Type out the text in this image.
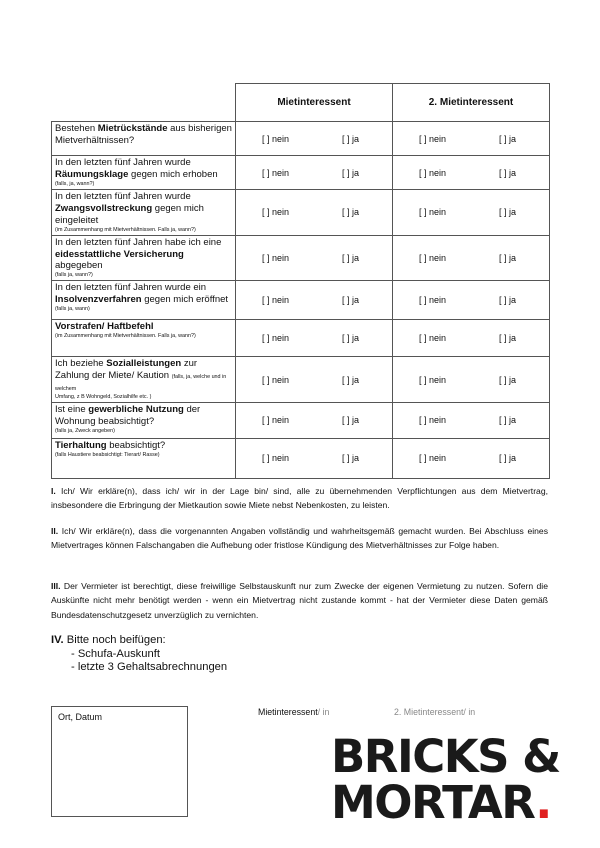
	Mietinteressent	2. Mietinteressent
Bestehen Mietrückstände aus bisherigen Mietverhältnissen?	[ ] nein [ ] ja	[ ] nein [ ] ja

In den letzten fünf Jahren wurde Räumungsklage gegen mich erhoben
(falls, ja, wann?)	[ ] nein [ ] ja	[ ] nein [ ] ja

In den letzten fünf Jahren wurde Zwangsvollstreckung gegen mich eingeleitet
(im Zusammenhang mit Mietverhältnissen. Falls ja, wann?)	[ ] nein [ ] ja	[ ] nein [ ] ja

In den letzten fünf Jahren habe ich eine eidesstattliche Versicherung abgegeben
(falls ja, wann?)	[ ] nein [ ] ja	[ ] nein [ ] ja

In den letzten fünf Jahren wurde ein Insolvenzverfahren gegen mich eröffnet
(falls ja, wann)	[ ] nein [ ] ja	[ ] nein [ ] ja

Vorstrafen/ Haftbefehl
(im Zusammenhang mit Mietverhältnissen. Falls ja, wann?)	[ ] nein [ ] ja	[ ] nein [ ] ja

Ich beziehe Sozialleistungen zur Zahlung der Miete/ Kaution (falls, ja, welche und in welchem
Umfang, z B Wohngeld, Sozialhilfe etc. )	[ ] nein [ ] ja	[ ] nein [ ] ja

Ist eine gewerbliche Nutzung der Wohnung beabsichtigt?
(falls ja, Zweck angeben)	[ ] nein [ ] ja	[ ] nein [ ] ja

Tierhaltung beabsichtigt?
(falls Haustiere beabsichtigt: Tierart/ Rasse)	[ ] nein [ ] ja	[ ] nein [ ] ja
I. Ich/ Wir erkläre(n), dass ich/ wir in der Lage bin/ sind, alle zu übernehmenden Verpflichtungen aus dem Mietvertrag, insbesondere die Erbringung der Mietkaution sowie Miete nebst Nebenkosten, zu leisten.
II. Ich/ Wir erkläre(n), dass die vorgenannten Angaben vollständig und wahrheitsgemäß gemacht wurden. Bei Abschluss eines Mietvertrages können Falschangaben die Aufhebung oder fristlose Kündigung des Mietverhältnisses zur Folge haben.
III. Der Vermieter ist berechtigt, diese freiwillige Selbstauskunft nur zum Zwecke der eigenen Vermietung zu nutzen. Sofern die Auskünfte nicht mehr benötigt werden - wenn ein Mietvertrag nicht zustande kommt - hat der Vermieter diese Daten gemäß Bundesdatenschutzgesetz unverzüglich zu vernichten.
IV. Bitte noch beifügen:
- Schufa-Auskunft
- letzte 3 Gehaltsabrechnungen
Ort, Datum	Mietinteressent/ in	2. Mietinteressent/ in
BRICKS &
MORTAR.
